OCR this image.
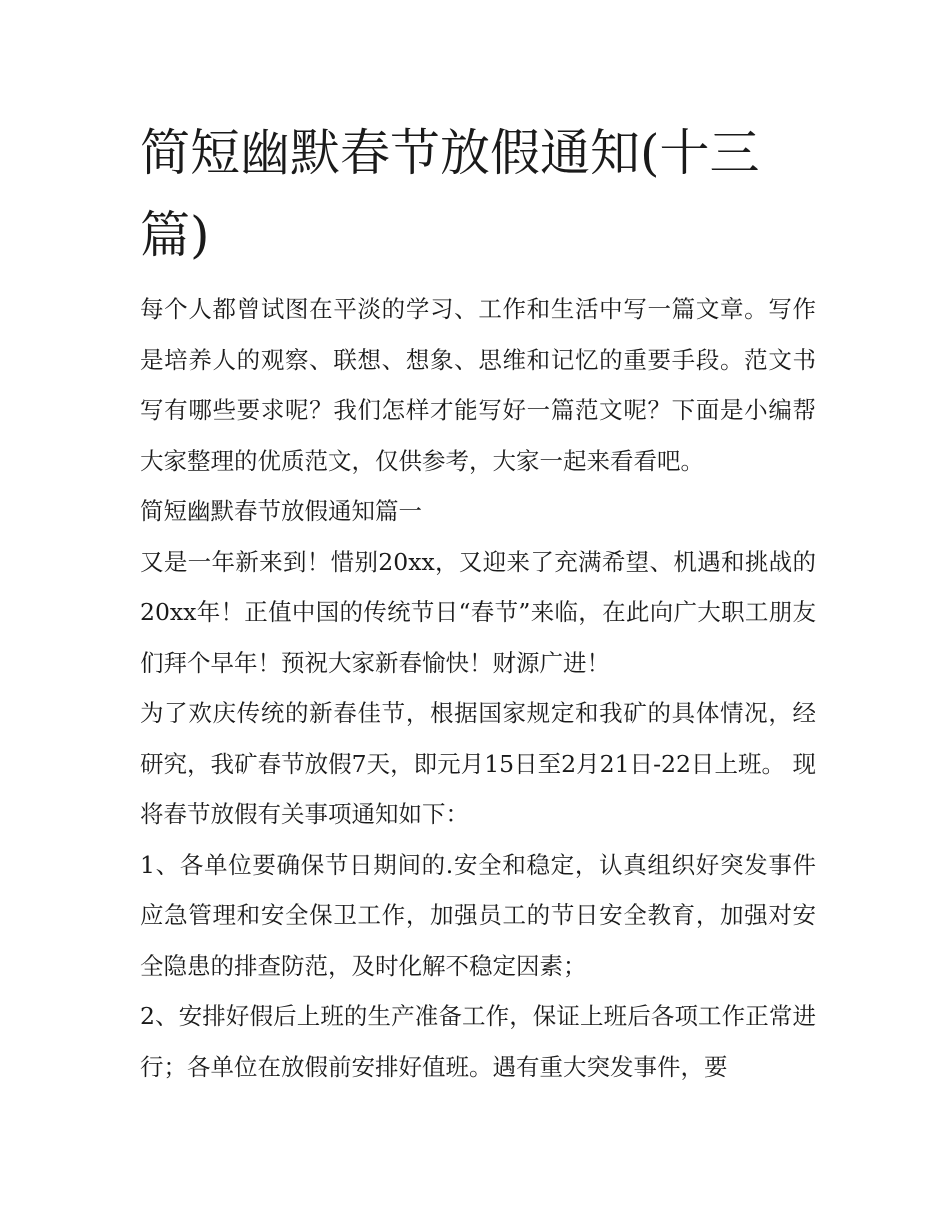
简短幽默春节放假通知(十三篇)

每个人都曾试图在平淡的学习、工作和生活中写一篇文章。写作是培养人的观察、联想、想象、思维和记忆的重要手段。范文书写有哪些要求呢？我们怎样才能写好一篇范文呢？下面是小编帮大家整理的优质范文，仅供参考，大家一起来看看吧。

简短幽默春节放假通知篇一

又是一年新来到！惜别20xx，又迎来了充满希望、机遇和挑战的20xx年！正值中国的传统节日“春节”来临，在此向广大职工朋友们拜个早年！预祝大家新春愉快！财源广进！

为了欢庆传统的新春佳节，根据国家规定和我矿的具体情况，经研究，我矿春节放假7天，即元月15日至2月21日-22日上班。 现将春节放假有关事项通知如下：

1、各单位要确保节日期间的.安全和稳定，认真组织好突发事件应急管理和安全保卫工作，加强员工的节日安全教育，加强对安全隐患的排查防范，及时化解不稳定因素；

2、安排好假后上班的生产准备工作，保证上班后各项工作正常进行；各单位在放假前安排好值班。遇有重大突发事件，要
